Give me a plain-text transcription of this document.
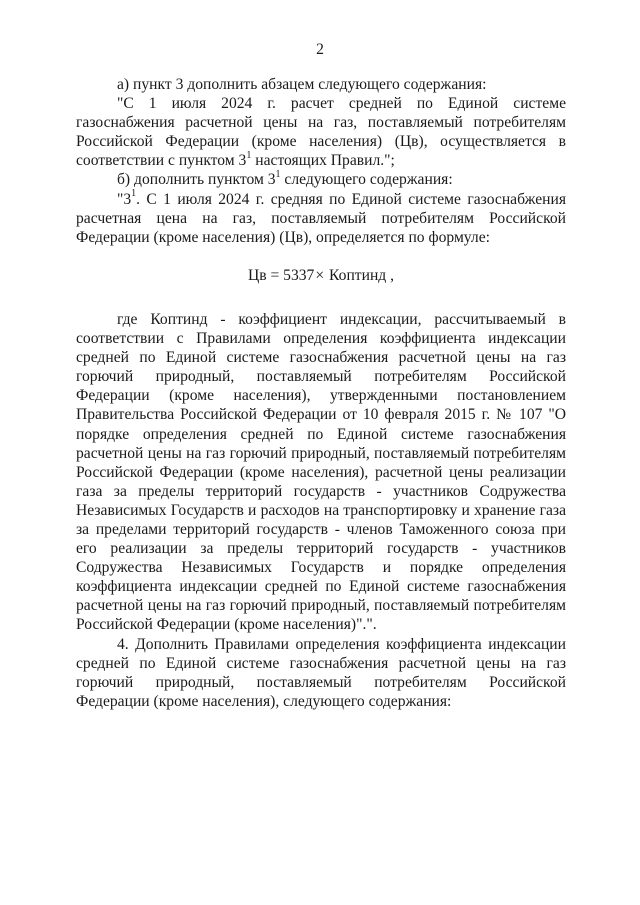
2

а) пункт 3 дополнить абзацем следующего содержания:

"С 1 июля 2024 г. расчет средней по Единой системе газоснабжения расчетной цены на газ, поставляемый потребителям Российской Федерации (кроме населения) (Цв), осуществляется в соответствии с пунктом $3^1$ настоящих Правил.";

б) дополнить пунктом $3^1$ следующего содержания:

"$3^1$. С 1 июля 2024 г. средняя по Единой системе газоснабжения расчетная цена на газ, поставляемый потребителям Российской Федерации (кроме населения) (Цв), определяется по формуле:

Цв = 5337× Коптинд ,

где Коптинд - коэффициент индексации, рассчитываемый в соответствии с Правилами определения коэффициента индексации средней по Единой системе газоснабжения расчетной цены на газ горючий природный, поставляемый потребителям Российской Федерации (кроме населения), утвержденными постановлением Правительства Российской Федерации от 10 февраля 2015 г. № 107 "О порядке определения средней по Единой системе газоснабжения расчетной цены на газ горючий природный, поставляемый потребителям Российской Федерации (кроме населения), расчетной цены реализации газа за пределы территорий государств - участников Содружества Независимых Государств и расходов на транспортировку и хранение газа за пределами территорий государств - членов Таможенного союза при его реализации за пределы территорий государств - участников Содружества Независимых Государств и порядке определения коэффициента индексации средней по Единой системе газоснабжения расчетной цены на газ горючий природный, поставляемый потребителям Российской Федерации (кроме населения)".".

4. Дополнить Правилами определения коэффициента индексации средней по Единой системе газоснабжения расчетной цены на газ горючий природный, поставляемый потребителям Российской Федерации (кроме населения), следующего содержания:
